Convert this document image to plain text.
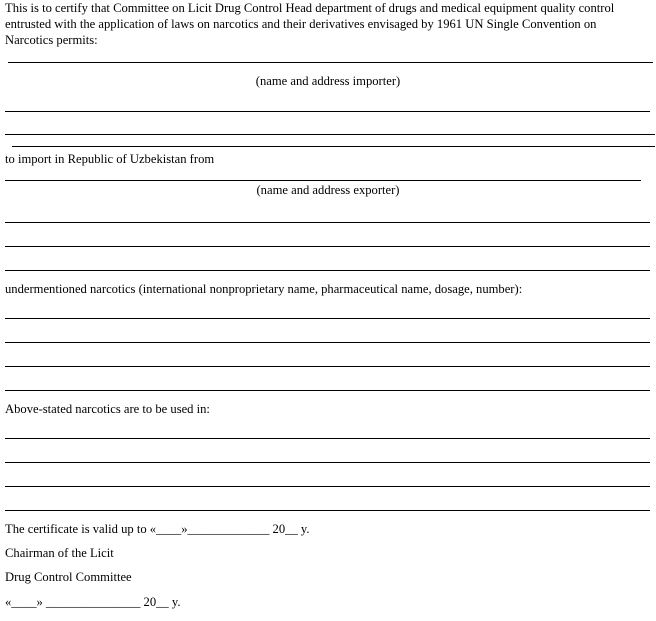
This is to certify that Committee on Licit Drug Control Head department of drugs and medical equipment quality control
entrusted with the application of laws on narcotics and their derivatives envisaged by 1961 UN Single Convention on
Narcotics permits:
(name and address importer)
to import in Republic of Uzbekistan from
(name and address exporter)
undermentioned narcotics (international nonproprietary name, pharmaceutical name, dosage, number):
Above-stated narcotics are to be used in:
The certificate is valid up to «____»_____________ 20__ y.
Chairman of the Licit
Drug Control Committee
«____» _______________ 20__ y.
